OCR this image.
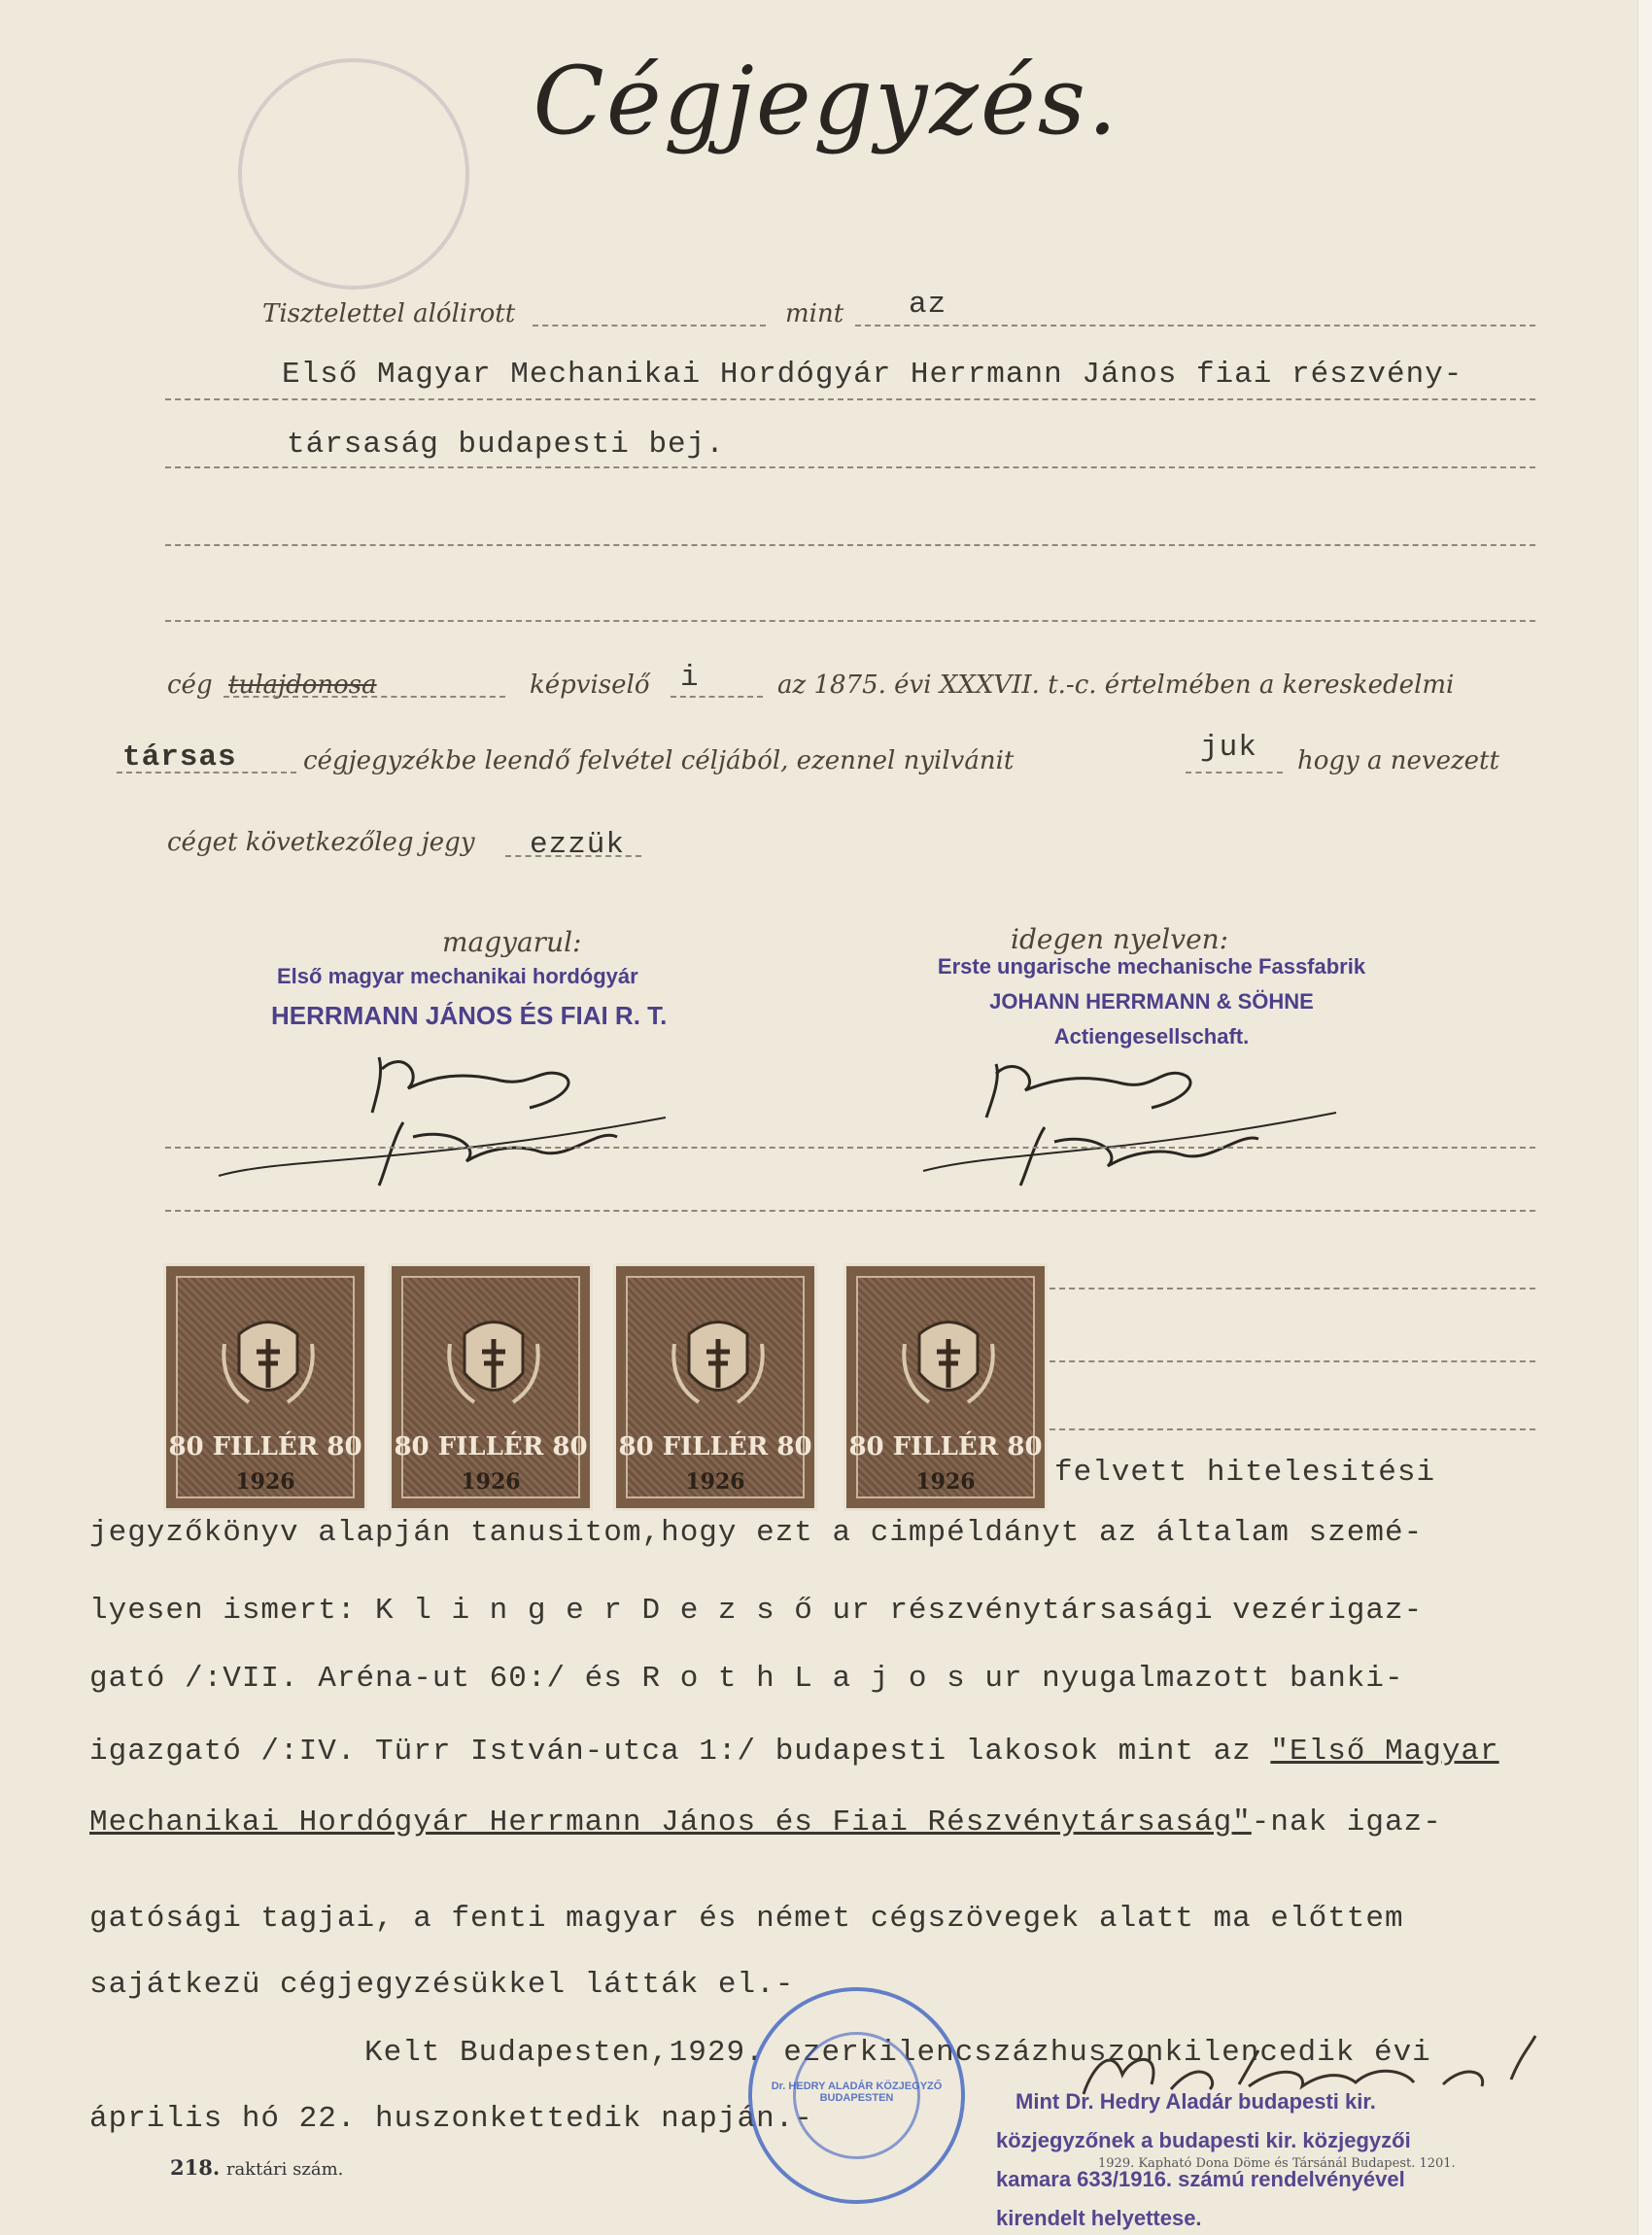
Cégjegyzés.
Tisztelettel alólirott	mint az
Első Magyar Mechanikai Hordógyár Herrmann János fiai részvény-
társaság budapesti bej.
cég tulajdonosa	képviselő i	az 1875. évi XXXVII. t.-c. értelmében a kereskedelmi
társas	cégjegyzékbe leendő felvétel céljából, ezennel nyilvánit	juk hogy a nevezett
céget következőleg jegy ezzük
magyarul:	idegen nyelven:
Első magyar mechanikai hordógyár
HERRMANN JÁNOS ÉS FIAI R. T.
Erste ungarische mechanische Fassfabrik
JOHANN HERRMANN & SÖHNE
Actiengesellschaft.
80 FILLÉR 80
1926
80 FILLÉR 80
1926
80 FILLÉR 80
1926
80 FILLÉR 80
1926	felvett hitelesitési
jegyzőkönyv alapján tanusitom,hogy ezt a cimpéldányt az általam szemé-
lyesen ismert: K l i n g e r D e z s ő ur részvénytársasági vezérigaz-
gató /:VII. Aréna-ut 60:/ és R o t h L a j o s ur nyugalmazott banki-
igazgató /:IV. Türr István-utca 1:/ budapesti lakosok mint az "Első Magyar
Mechanikai Hordógyár Herrmann János és Fiai Részvénytársaság"-nak igaz-
gatósági tagjai, a fenti magyar és német cégszövegek alatt ma előttem
sajátkezü cégjegyzésükkel látták el.-
Kelt Budapesten,1929. ezerkilencszázhuszonkilencedik évi
április hó 22. huszonkettedik napján.-
Dr. HEDRY ALADÁR KÖZJEGYZŐ BUDAPESTEN	Mint Dr. Hedry Aladár budapesti kir.
közjegyzőnek a budapesti kir. közjegyzői
kamara 633/1916. számú rendelvényével
kirendelt helyettese.
218. raktári szám.	1929. Kapható Dona Döme és Társánál Budapest. 1201.
